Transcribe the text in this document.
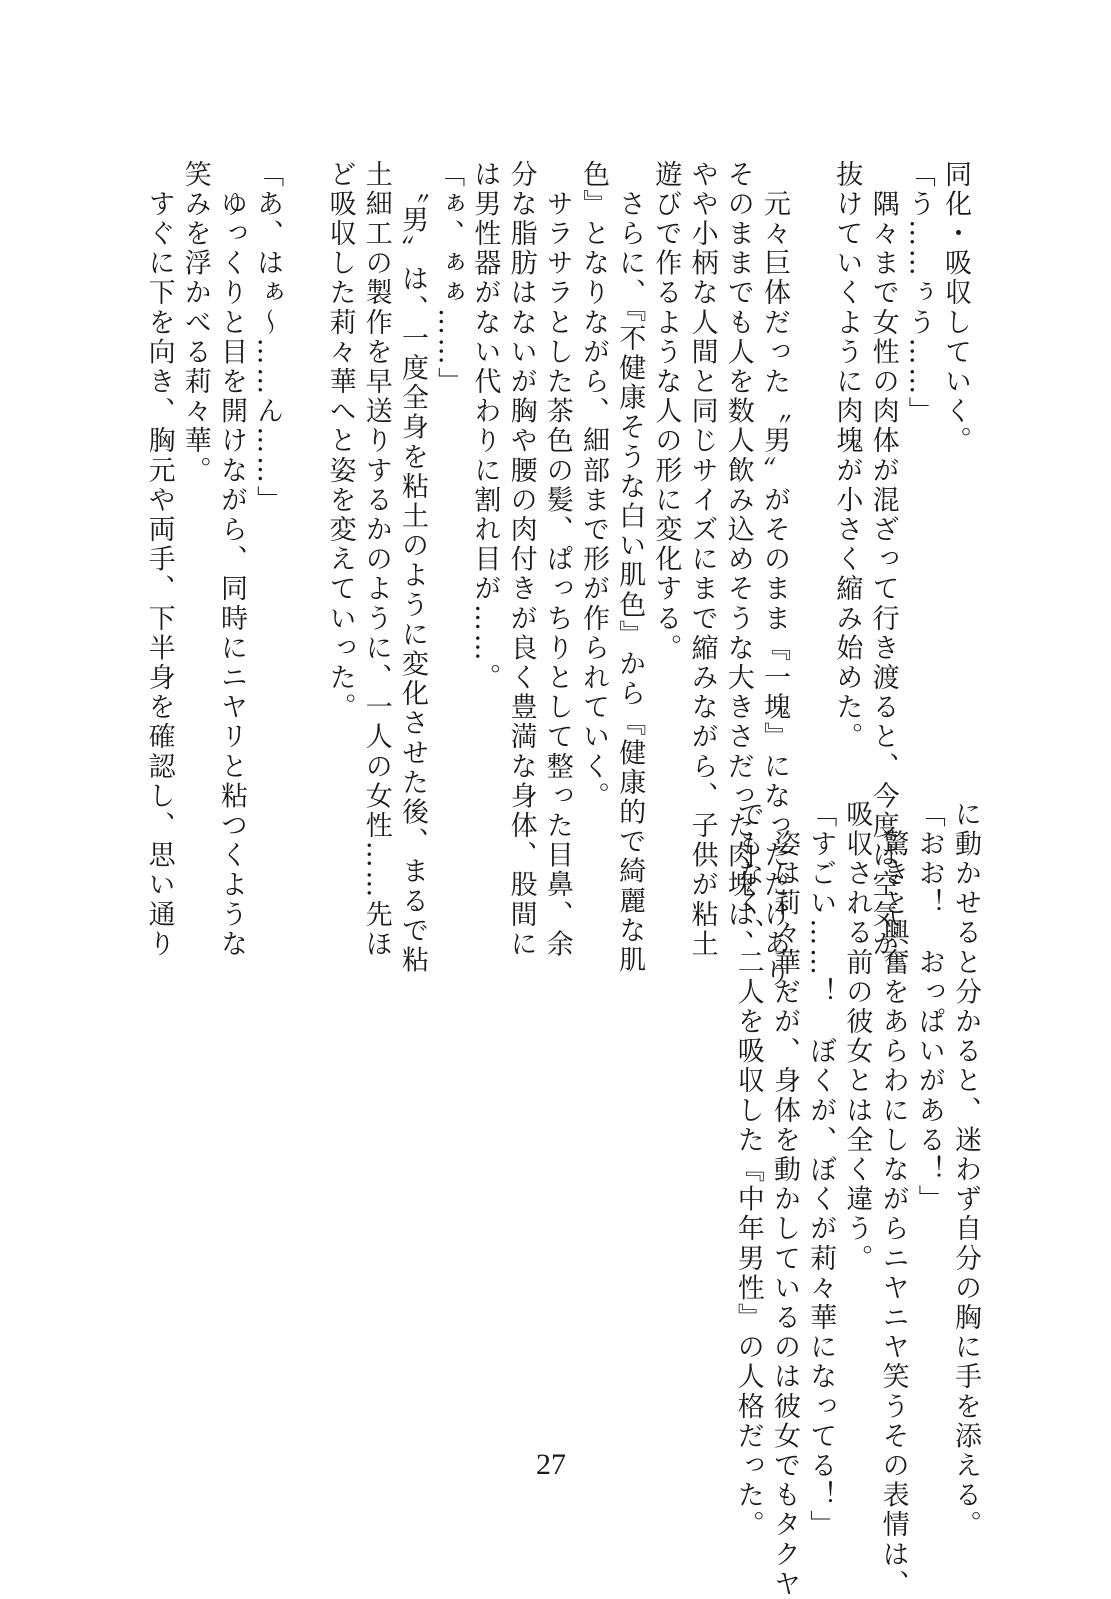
同化・吸収していく。
「う……ぅう……」
　隅々まで女性の肉体が混ざって行き渡ると、今度は空気が
抜けていくように肉塊が小さく縮み始めた。
　元々巨体だった〝男〟がそのまま『一塊』になっただけあり、
そのままでも人を数人飲み込めそうな大きさだった肉塊は、
やや小柄な人間と同じサイズにまで縮みながら、子供が粘土
遊びで作るような人の形に変化する。
　さらに、『不健康そうな白い肌色』から『健康的で綺麗な肌
色』となりながら、細部まで形が作られていく。
　サラサラとした茶色の髪、ぱっちりとして整った目鼻、余
分な脂肪はないが胸や腰の肉付きが良く豊満な身体、股間に
は男性器がない代わりに割れ目が……。
「ぁ、ぁぁ……」
　〝男〟は、一度全身を粘土のように変化させた後、まるで粘
土細工の製作を早送りするかのように、一人の女性……先ほ
ど吸収した莉々華へと姿を変えていった。
「あ、はぁ～……ん……」
　ゆっくりと目を開けながら、同時にニヤリと粘つくような
笑みを浮かべる莉々華。
　すぐに下を向き、胸元や両手、下半身を確認し、思い通り
に動かせると分かると、迷わず自分の胸に手を添える。
「おお！　おっぱいがある！」
　驚きと興奮をあらわにしながらニヤニヤ笑うその表情は、
吸収される前の彼女とは全く違う。
「すごい……！　ぼくが、ぼくが莉々華になってる！」
　姿は莉々華だが、身体を動かしているのは彼女でもタクヤ
でもなく、二人を吸収した『中年男性』の人格だった。
27
